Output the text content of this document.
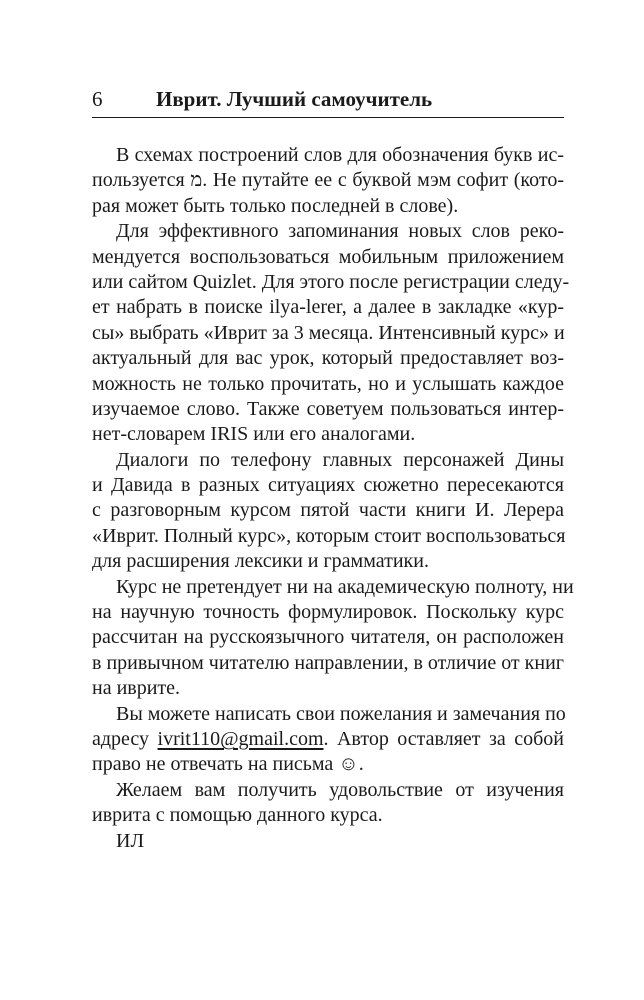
6	Иврит. Лучший самоучитель
В схемах построений слов для обозначения букв ис-
пользуется מ. Не путайте ее с буквой мэм софит (кото-
рая может быть только последней в слове).
Для эффективного запоминания новых слов реко-
мендуется воспользоваться мобильным приложением
или сайтом Quizlet. Для этого после регистрации следу-
ет набрать в поиске ilya-lerer, а далее в закладке «кур-
сы» выбрать «Иврит за 3 месяца. Интенсивный курс» и
актуальный для вас урок, который предоставляет воз-
можность не только прочитать, но и услышать каждое
изучаемое слово. Также советуем пользоваться интер-
нет-словарем IRIS или его аналогами.
Диалоги по телефону главных персонажей Дины
и Давида в разных ситуациях сюжетно пересекаются
с разговорным курсом пятой части книги И. Лерера
«Иврит. Полный курс», которым стоит воспользоваться
для расширения лексики и грамматики.
Курс не претендует ни на академическую полноту, ни
на научную точность формулировок. Поскольку курс
рассчитан на русскоязычного читателя, он расположен
в привычном читателю направлении, в отличие от книг
на иврите.
Вы можете написать свои пожелания и замечания по
адресу ivrit110@gmail.com. Автор оставляет за собой
право не отвечать на письма ☺.
Желаем вам получить удовольствие от изучения
иврита с помощью данного курса.
ИЛ
